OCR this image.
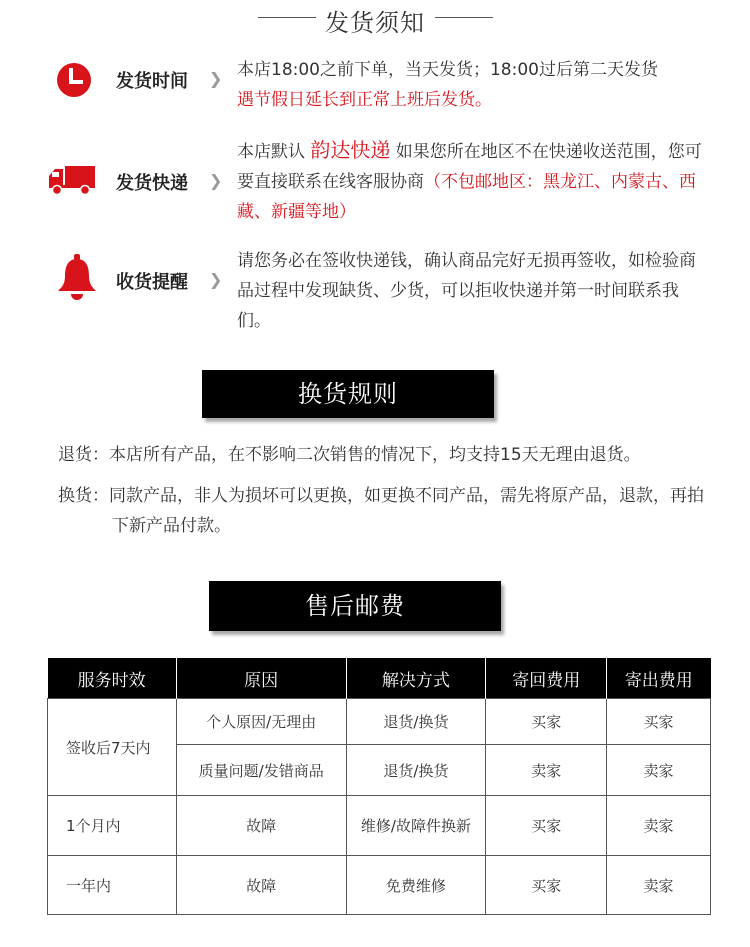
发货须知
发货时间 ❯ 本店18:00之前下单，当天发货；18:00过后第二天发货
遇节假日延长到正常上班后发货。
发货快递 ❯
本店默认 韵达快递 如果您所在地区不在快递收送范围，您可要直接联系在线客服协商（不包邮地区：黑龙江、内蒙古、西藏、新疆等地）
收货提醒 ❯
请您务必在签收快递钱，确认商品完好无损再签收，如检验商品过程中发现缺货、少货，可以拒收快递并第一时间联系我们。
换货规则
退货：本店所有产品，在不影响二次销售的情况下，均支持15天无理由退货。
换货：同款产品，非人为损坏可以更换，如更换不同产品，需先将原产品，退款，再拍下新产品付款。
售后邮费
服务时效	原因	解决方式	寄回费用	寄出费用
签收后7天内	个人原因/无理由	退货/换货	买家	买家
	质量问题/发错商品	退货/换货	卖家	卖家
1个月内	故障	维修/故障件换新	买家	卖家
一年内	故障	免费维修	买家	卖家
